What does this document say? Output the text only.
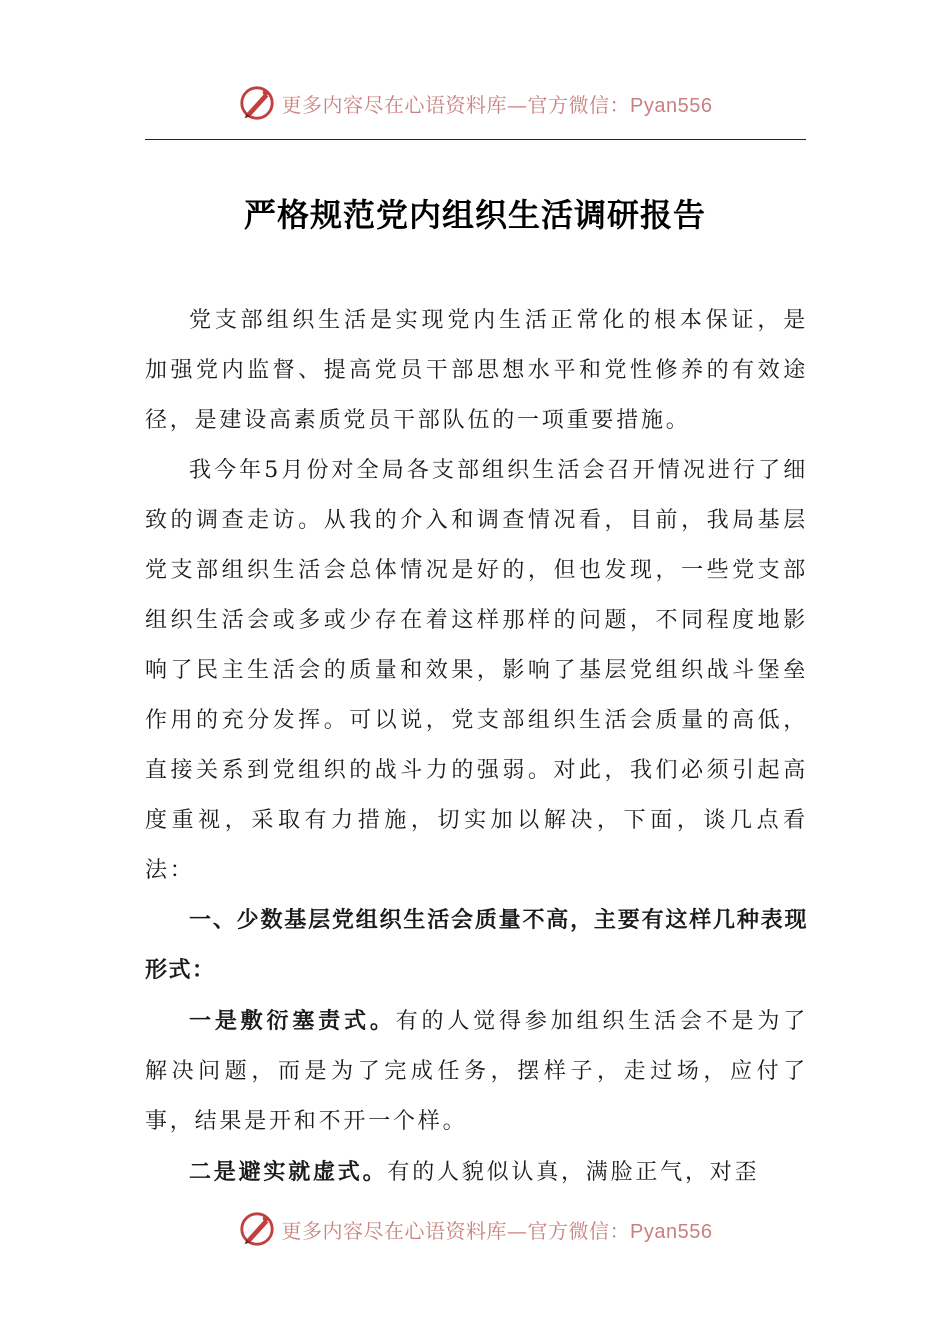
更多内容尽在心语资料库—官方微信：Pyan556
严格规范党内组织生活调研报告

党支部组织生活是实现党内生活正常化的根本保证，是加强党内监督、提高党员干部思想水平和党性修养的有效途径，是建设高素质党员干部队伍的一项重要措施。

我今年5月份对全局各支部组织生活会召开情况进行了细致的调查走访。从我的介入和调查情况看，目前，我局基层党支部组织生活会总体情况是好的，但也发现，一些党支部组织生活会或多或少存在着这样那样的问题，不同程度地影响了民主生活会的质量和效果，影响了基层党组织战斗堡垒作用的充分发挥。可以说，党支部组织生活会质量的高低，直接关系到党组织的战斗力的强弱。对此，我们必须引起高度重视，采取有力措施，切实加以解决，下面，谈几点看法：

一、少数基层党组织生活会质量不高，主要有这样几种表现形式：

一是敷衍塞责式。有的人觉得参加组织生活会不是为了解决问题，而是为了完成任务，摆样子，走过场，应付了事，结果是开和不开一个样。

二是避实就虚式。有的人貌似认真，满脸正气，对歪

更多内容尽在心语资料库—官方微信：Pyan556
